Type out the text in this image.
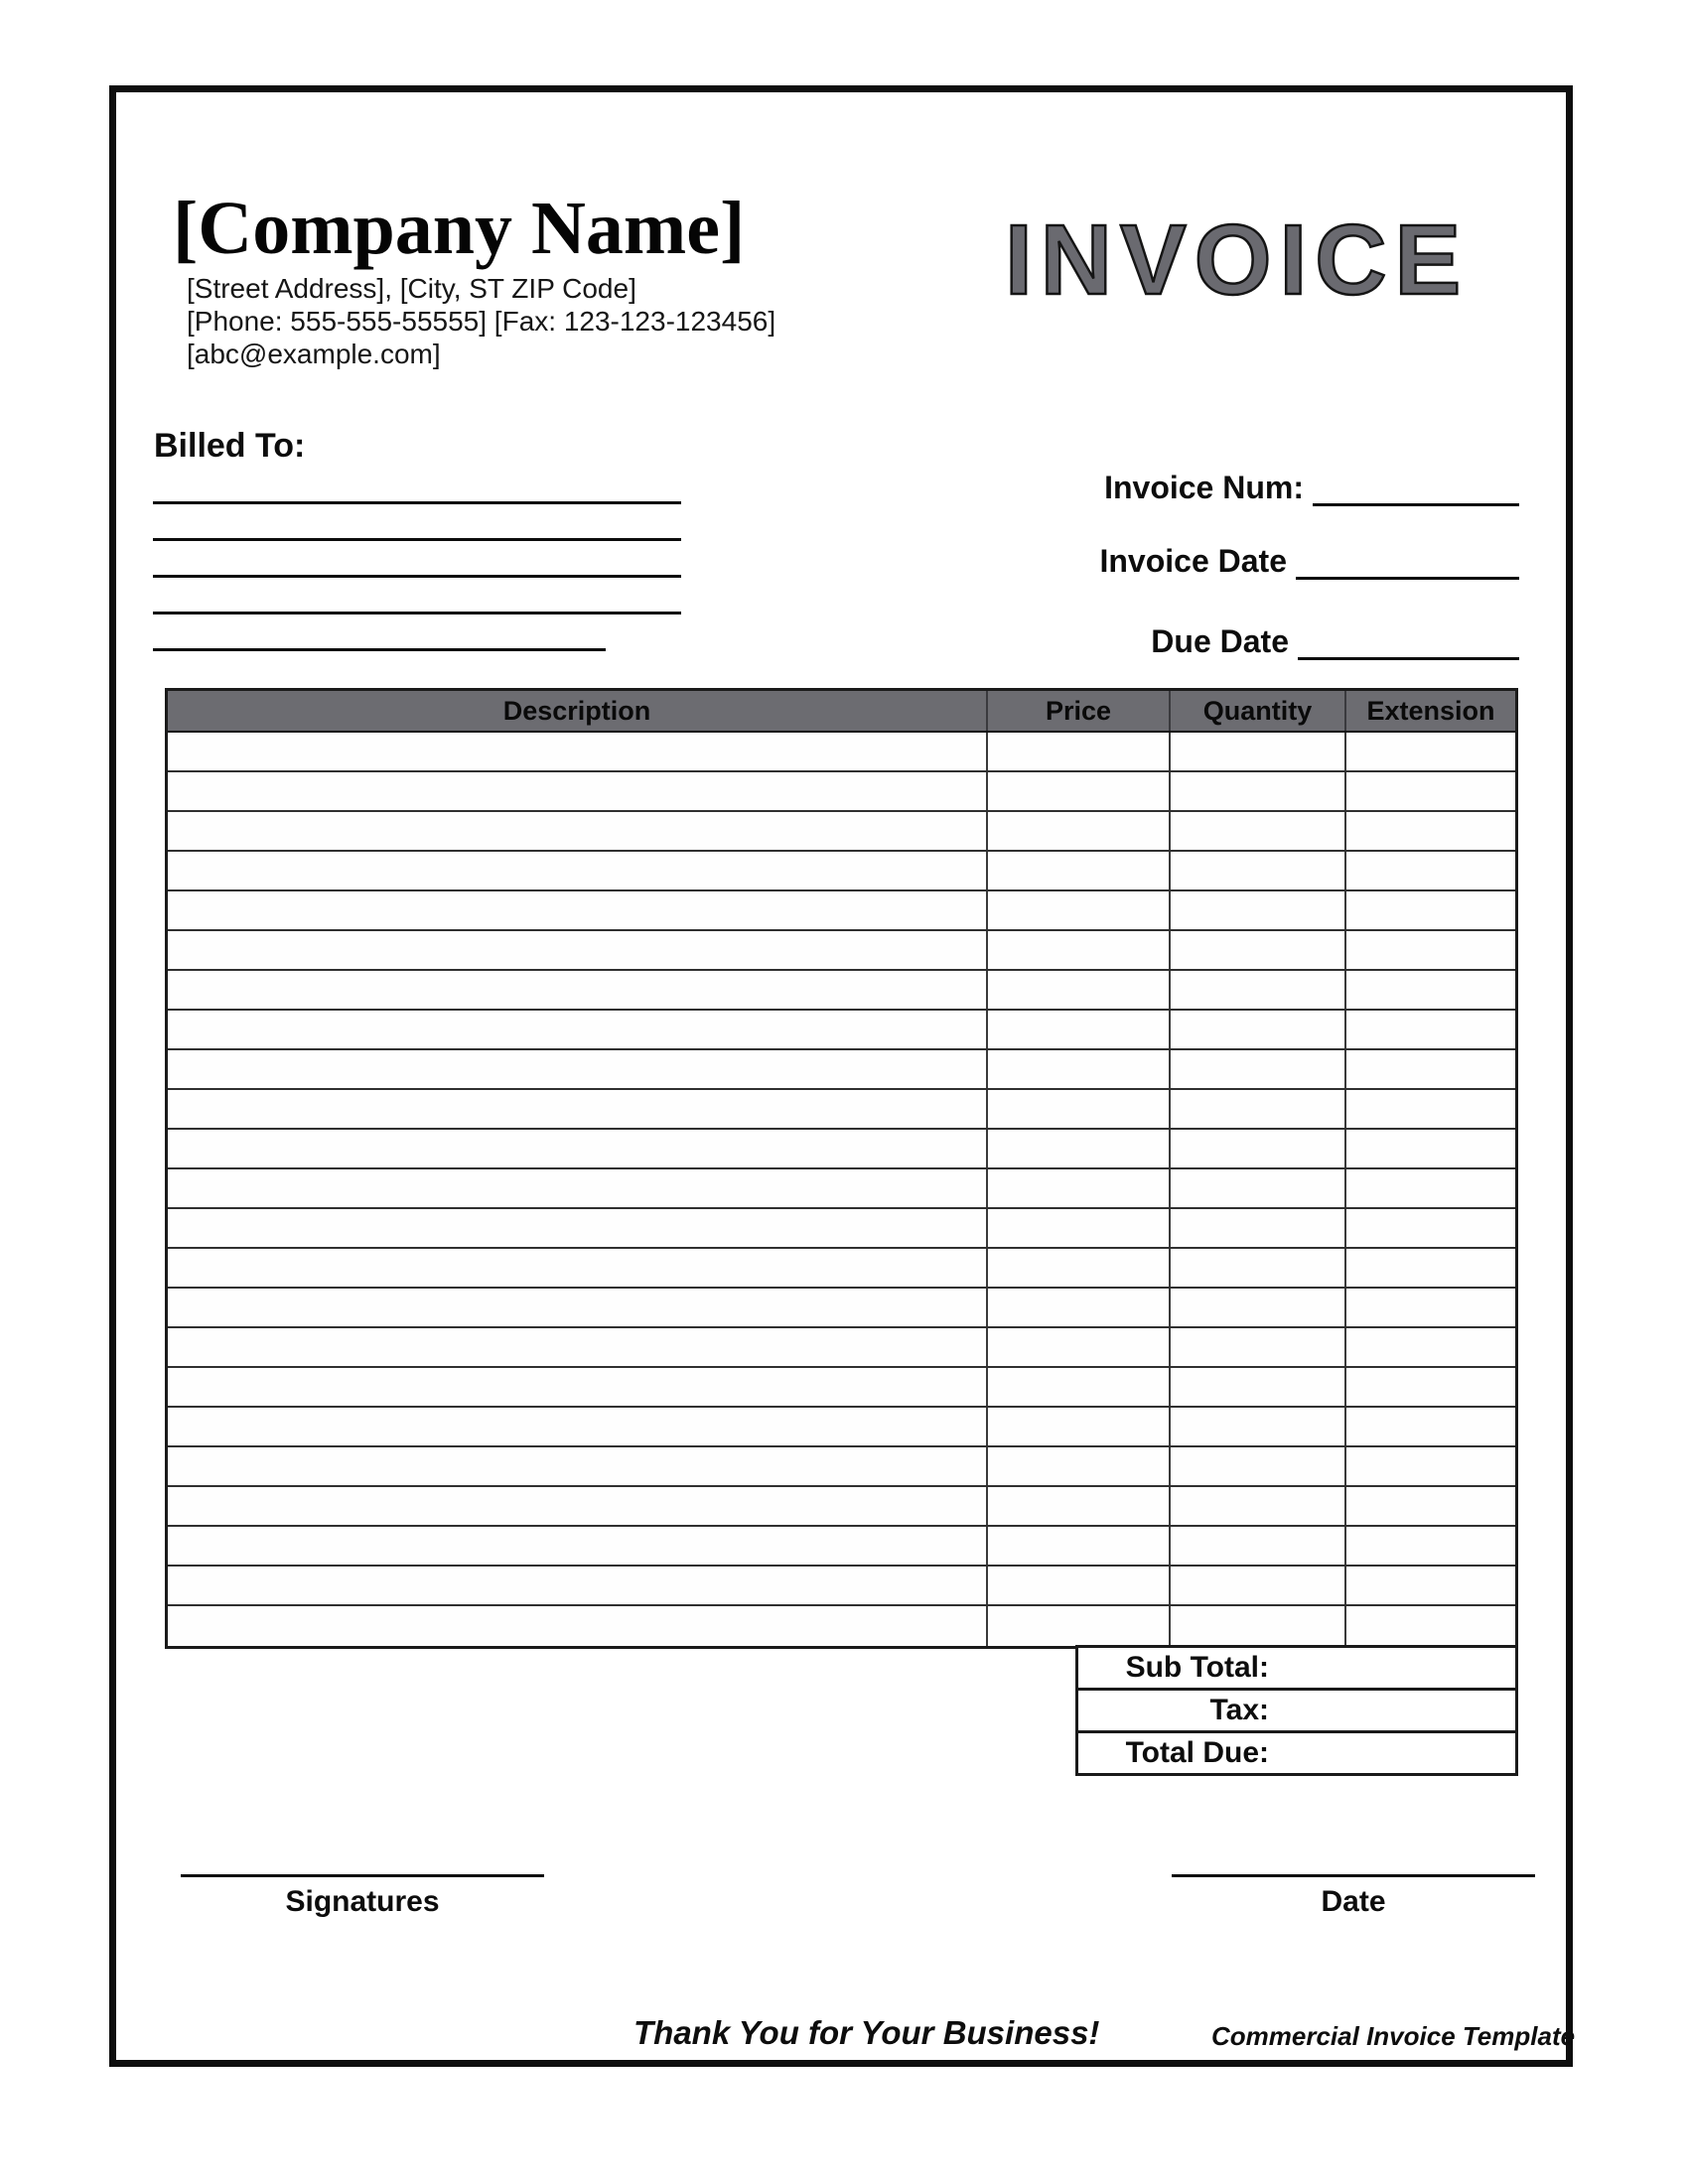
[Company Name]
[Street Address], [City, ST ZIP Code]
[Phone: 555-555-55555] [Fax: 123-123-123456]
[abc@example.com]
INVOICE
Billed To:
Invoice Num:
Invoice Date
Due Date
Description	Price	Quantity	Extension
Sub Total:
Tax:
Total Due:
Signatures	Date
Thank You for Your Business!	Commercial Invoice Template
